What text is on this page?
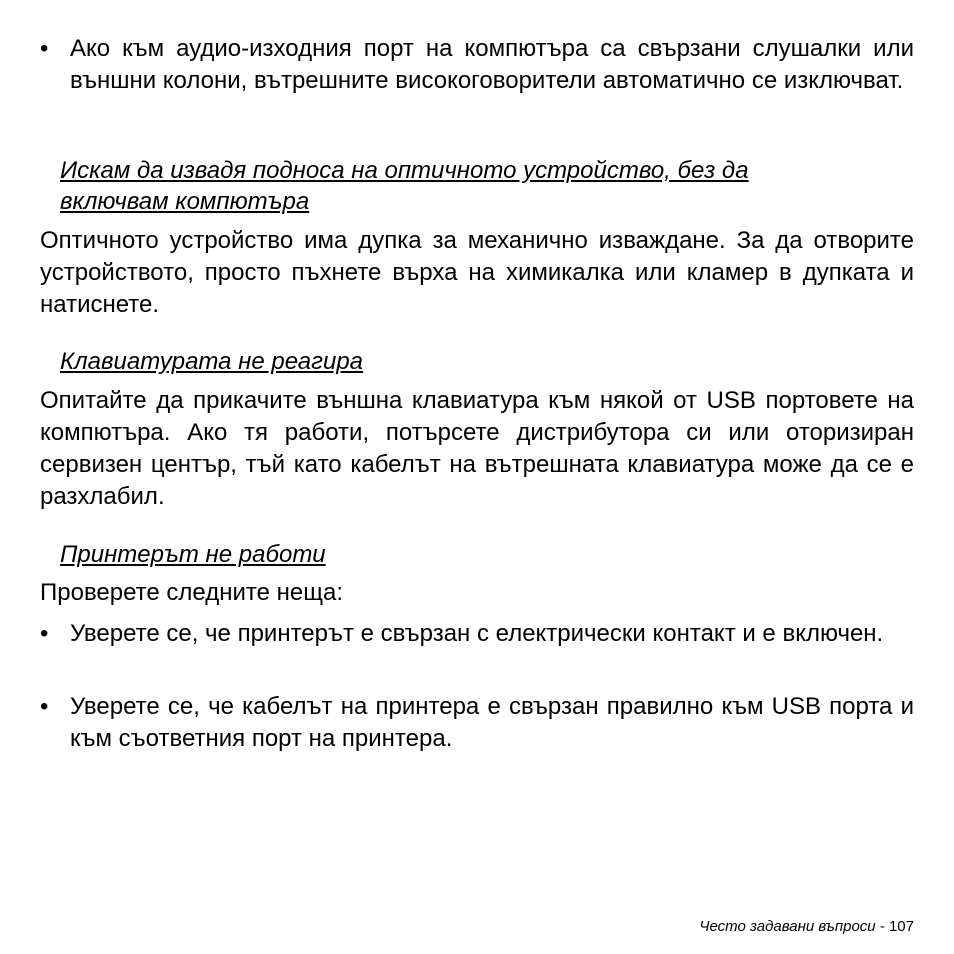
• Ако към аудио-изходния порт на компютъра са свързани слушалки или външни колони, вътрешните високоговорители автоматично се изключват.
Искам да извадя подноса на оптичното устройство, без да включвам компютъра
Оптичното устройство има дупка за механично изваждане. За да отворите устройството, просто пъхнете върха на химикалка или кламер в дупката и натиснете.
Клавиатурата не реагира
Опитайте да прикачите външна клавиатура към някой от USB портовете на компютъра. Ако тя работи, потърсете дистрибутора си или оторизиран сервизен център, тъй като кабелът на вътрешната клавиатура може да се е разхлабил.
Принтерът не работи
Проверете следните неща:
• Уверете се, че принтерът е свързан с електрически контакт и е включен.
• Уверете се, че кабелът на принтера е свързан правилно към USB порта и към съответния порт на принтера.
Често задавани въпроси - 107
